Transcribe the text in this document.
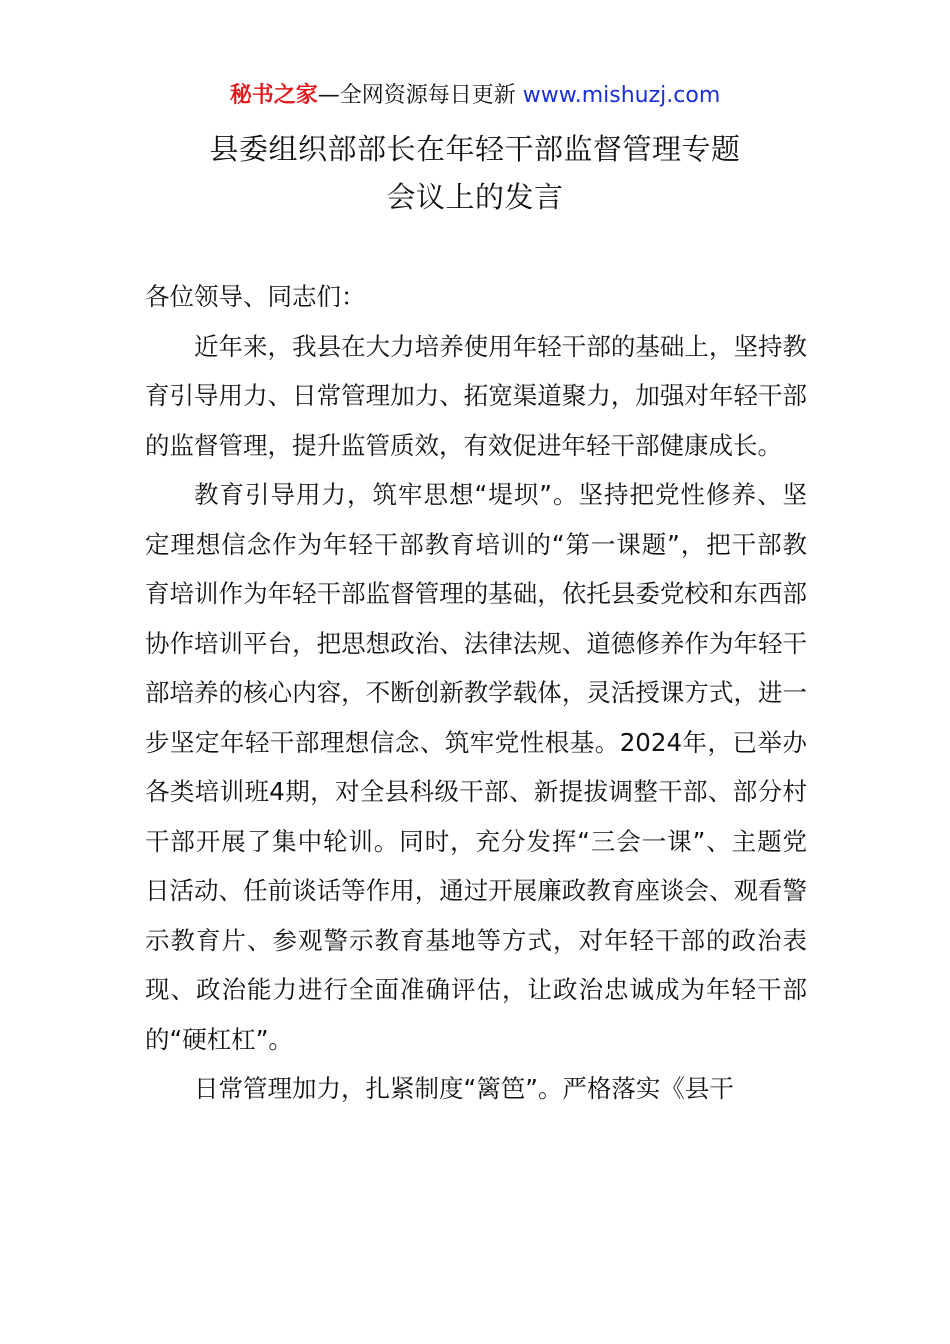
秘书之家—全网资源每日更新 www.mishuzj.com
县委组织部部长在年轻干部监督管理专题
会议上的发言

各位领导、同志们：

近年来，我县在大力培养使用年轻干部的基础上，坚持教育引导用力、日常管理加力、拓宽渠道聚力，加强对年轻干部的监督管理，提升监管质效，有效促进年轻干部健康成长。

教育引导用力，筑牢思想“堤坝”。坚持把党性修养、坚定理想信念作为年轻干部教育培训的“第一课题”，把干部教育培训作为年轻干部监督管理的基础，依托县委党校和东西部协作培训平台，把思想政治、法律法规、道德修养作为年轻干部培养的核心内容，不断创新教学载体，灵活授课方式，进一步坚定年轻干部理想信念、筑牢党性根基。2024年，已举办各类培训班4期，对全县科级干部、新提拔调整干部、部分村干部开展了集中轮训。同时，充分发挥“三会一课”、主题党日活动、任前谈话等作用，通过开展廉政教育座谈会、观看警示教育片、参观警示教育基地等方式，对年轻干部的政治表现、政治能力进行全面准确评估，让政治忠诚成为年轻干部的“硬杠杠”。

日常管理加力，扎紧制度“篱笆”。严格落实《县干
